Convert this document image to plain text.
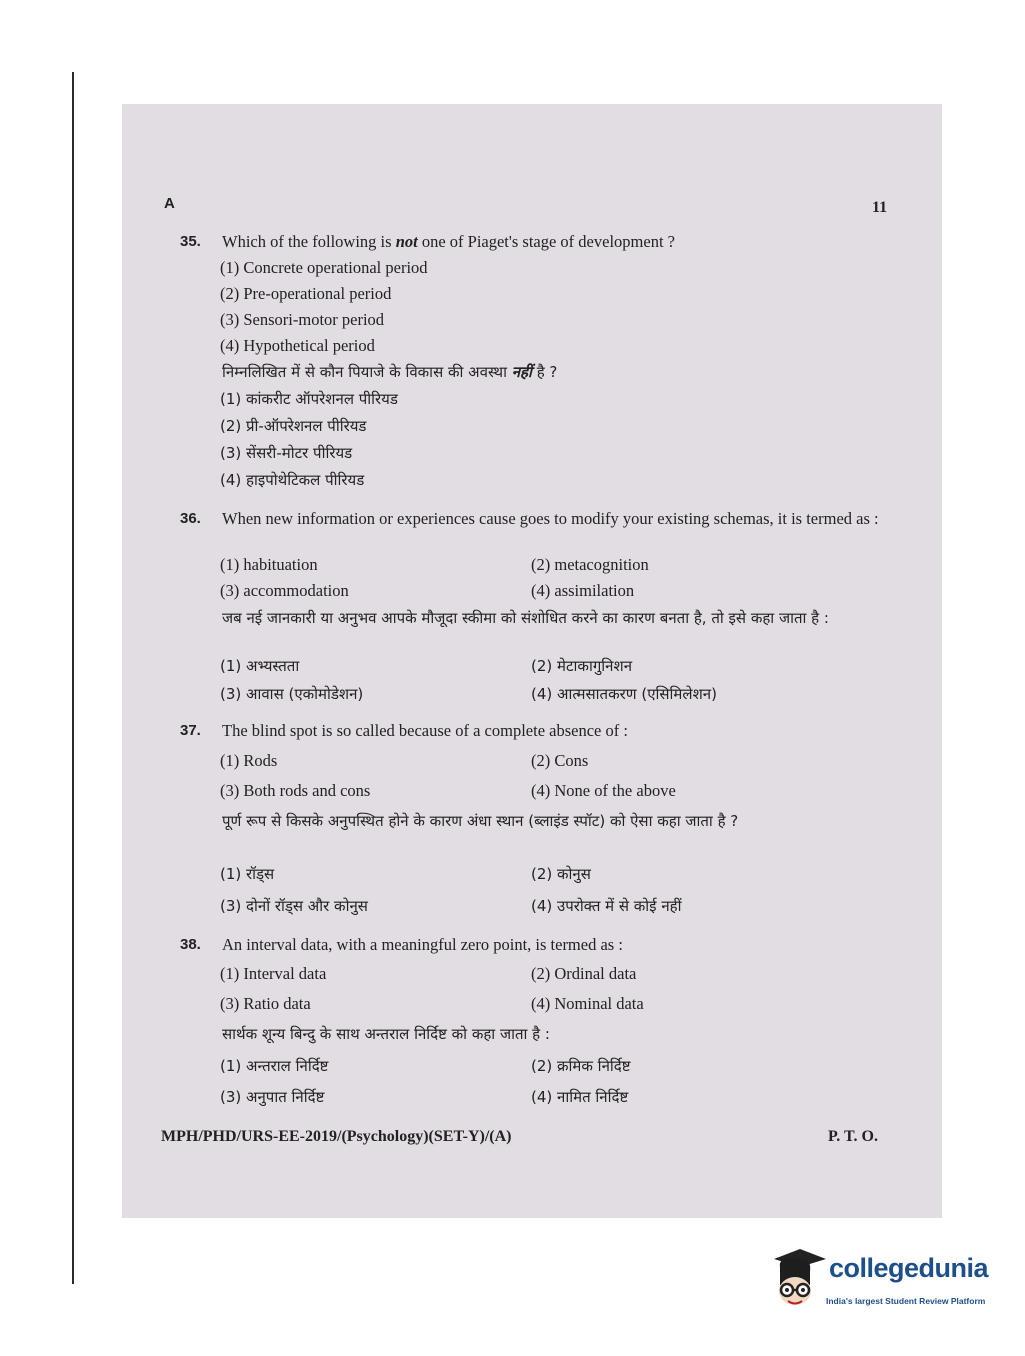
A	11
35. Which of the following is not one of Piaget's stage of development ?
(1) Concrete operational period
(2) Pre-operational period
(3) Sensori-motor period
(4) Hypothetical period
निम्नलिखित में से कौन पियाजे के विकास की अवस्था नहीं है ?
(1) कांकरीट ऑपरेशनल पीरियड
(2) प्री-ऑपरेशनल पीरियड
(3) सेंसरी-मोटर पीरियड
(4) हाइपोथेटिकल पीरियड
36. When new information or experiences cause goes to modify your existing schemas, it is termed as :
(1) habituation	(2) metacognition
(3) accommodation	(4) assimilation
जब नई जानकारी या अनुभव आपके मौजूदा स्कीमा को संशोधित करने का कारण बनता है, तो इसे कहा जाता है :
(1) अभ्यस्तता	(2) मेटाकागुनिशन
(3) आवास (एकोमोडेशन)	(4) आत्मसातकरण (एसिमिलेशन)
37. The blind spot is so called because of a complete absence of :
(1) Rods	(2) Cons
(3) Both rods and cons	(4) None of the above
पूर्ण रूप से किसके अनुपस्थित होने के कारण अंधा स्थान (ब्लाइंड स्पॉट) को ऐसा कहा जाता है ?
(1) रॉड्स	(2) कोनुस
(3) दोनों रॉड्स और कोनुस	(4) उपरोक्त में से कोई नहीं
38. An interval data, with a meaningful zero point, is termed as :
(1) Interval data	(2) Ordinal data
(3) Ratio data	(4) Nominal data
सार्थक शून्य बिन्दु के साथ अन्तराल निर्दिष्ट को कहा जाता है :
(1) अन्तराल निर्दिष्ट	(2) क्रमिक निर्दिष्ट
(3) अनुपात निर्दिष्ट	(4) नामित निर्दिष्ट
MPH/PHD/URS-EE-2019/(Psychology)(SET-Y)/(A)	P. T. O.
collegedunia
India's largest Student Review Platform
